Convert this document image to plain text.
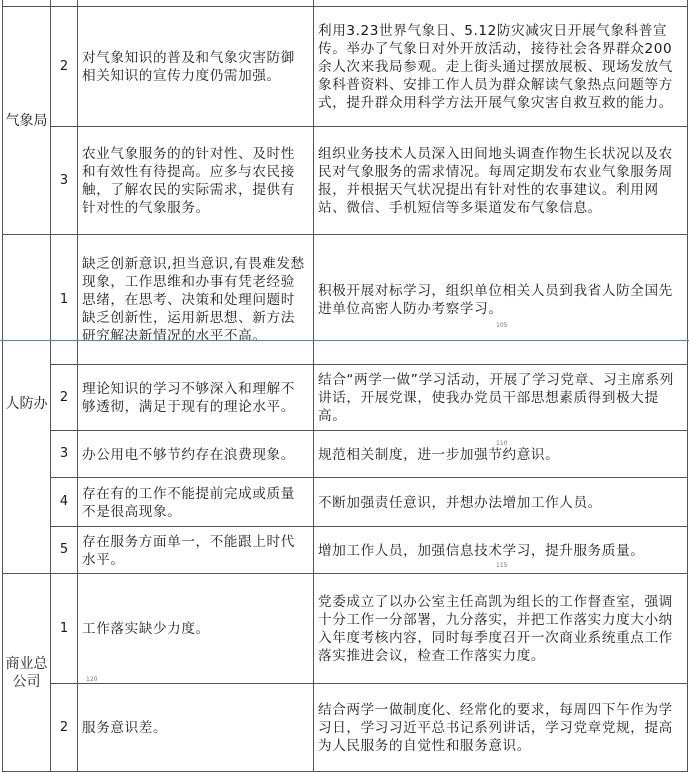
气象局	2	对气象知识的普及和气象灾害防御相关知识的宣传力度仍需加强。	利用3.23世界气象日、5.12防灾减灾日开展气象科普宣传。举办了气象日对外开放活动，接待社会各界群众200余人次来我局参观。走上街头通过摆放展板、现场发放气象科普资料、安排工作人员为群众解读气象热点问题等方式，提升群众用科学方法开展气象灾害自救互救的能力。
	3	农业气象服务的的针对性、及时性和有效性有待提高。应多与农民接触，了解农民的实际需求，提供有针对性的气象服务。	组织业务技术人员深入田间地头调查作物生长状况以及农民对气象服务的需求情况。每周定期发布农业气象服务周报，并根据天气状况提出有针对性的农事建议。利用网站、微信、手机短信等多渠道发布气象信息。
人防办	1	缺乏创新意识,担当意识,有畏难发愁现象，工作思维和办事有凭老经验思绪，在思考、决策和处理问题时缺乏创新性，运用新思想、新方法研究解决新情况的水平不高。	积极开展对标学习，组织单位相关人员到我省人防全国先进单位高密人防办考察学习。
	2	理论知识的学习不够深入和理解不够透彻，满足于现有的理论水平。	结合“两学一做”学习活动，开展了学习党章、习主席系列讲话，开展党课，使我办党员干部思想素质得到极大提高。
	3	办公用电不够节约存在浪费现象。	规范相关制度，进一步加强节约意识。
	4	存在有的工作不能提前完成或质量不是很高现象。	不断加强责任意识，并想办法增加工作人员。
	5	存在服务方面单一，不能跟上时代水平。	增加工作人员，加强信息技术学习，提升服务质量。
商业总公司	1	工作落实缺少力度。	党委成立了以办公室主任高凯为组长的工作督查室，强调十分工作一分部署，九分落实，并把工作落实力度大小纳入年度考核内容，同时每季度召开一次商业系统重点工作落实推进会议，检查工作落实力度。
	2	服务意识差。	结合两学一做制度化、经常化的要求，每周四下午作为学习日，学习习近平总书记系列讲话，学习党章党规，提高为人民服务的自觉性和服务意识。
105
110
115
120
